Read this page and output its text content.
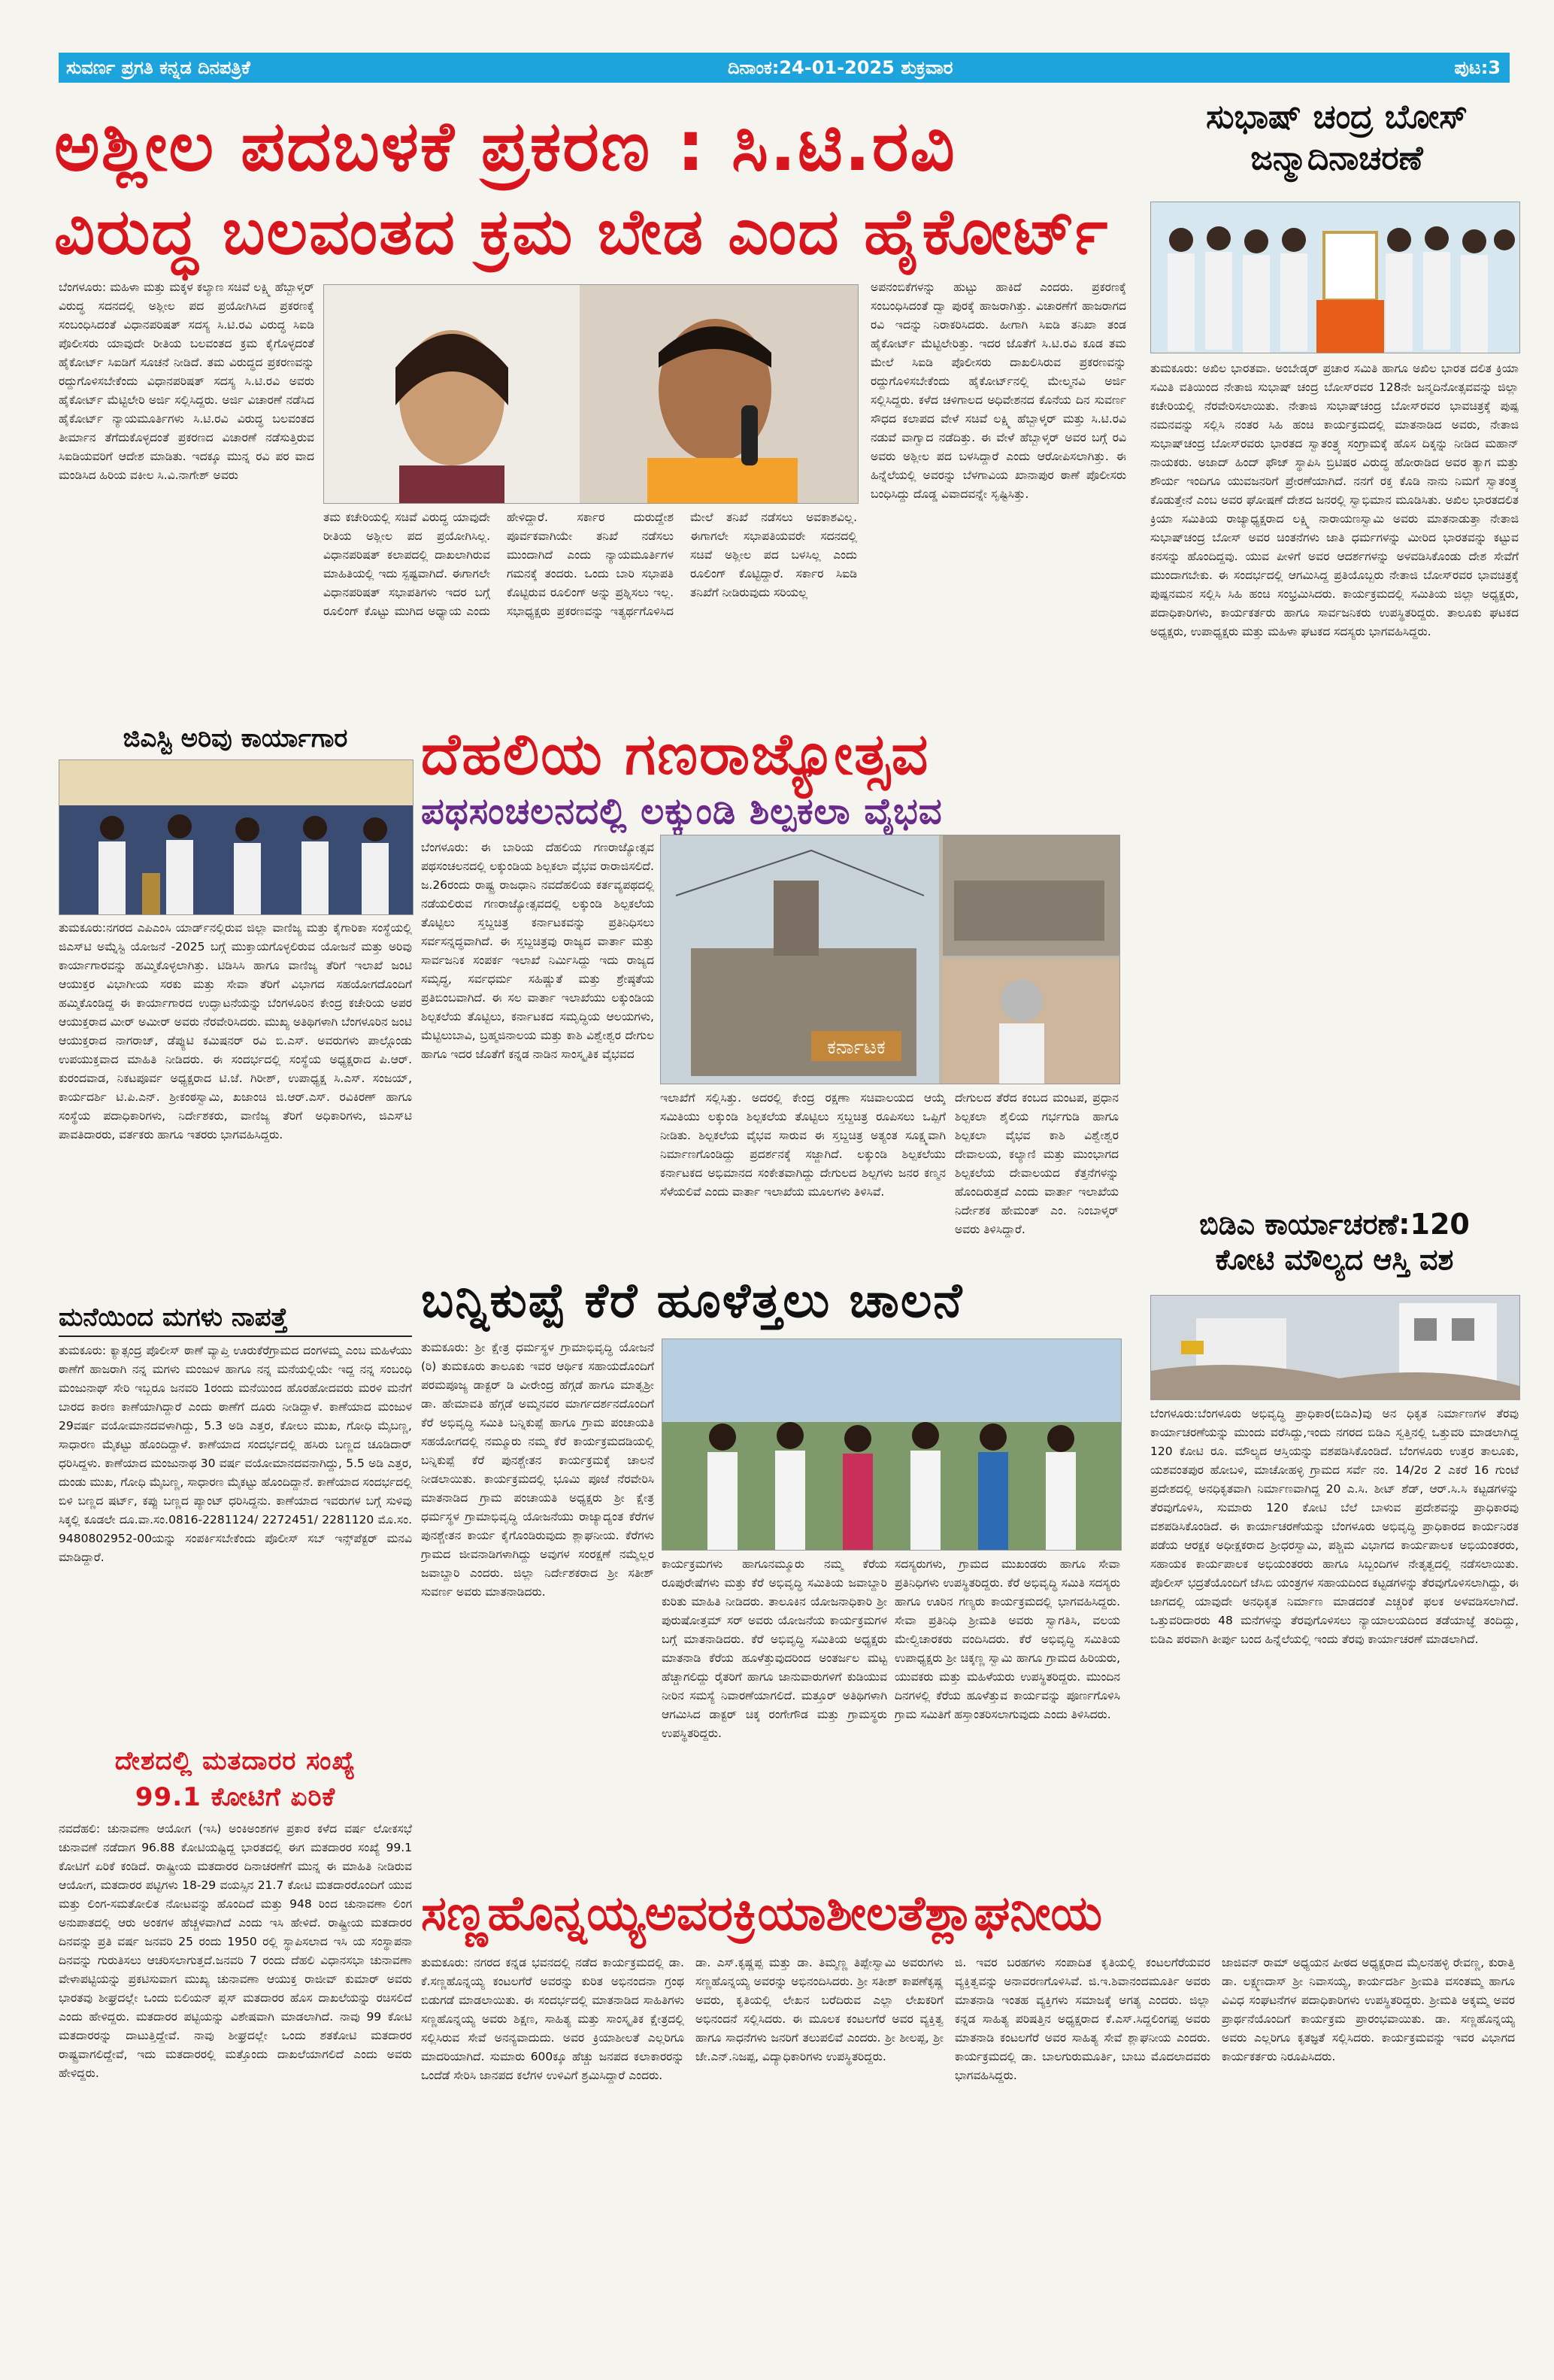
ಸುವರ್ಣ ಪ್ರಗತಿ ಕನ್ನಡ ದಿನಪತ್ರಿಕೆ	ದಿನಾಂಕ:24-01-2025 ಶುಕ್ರವಾರ	ಪುಟ:3
ಅಶ್ಲೀಲ ಪದಬಳಕೆ ಪ್ರಕರಣ : ಸಿ.ಟಿ.ರವಿ
ವಿರುದ್ಧ ಬಲವಂತದ ಕ್ರಮ ಬೇಡ ಎಂದ ಹೈಕೋರ್ಟ್
ಬೆಂಗಳೂರು: ಮಹಿಳಾ ಮತ್ತು ಮಕ್ಕಳ ಕಲ್ಯಾಣ ಸಚಿವೆ ಲಕ್ಷ್ಮಿ ಹೆಬ್ಬಾಳ್ಕರ್ ವಿರುದ್ಧ ಸದನದಲ್ಲಿ ಅಶ್ಲೀಲ ಪದ ಪ್ರಯೋಗಿಸಿದ ಪ್ರಕರಣಕ್ಕೆ ಸಂಬಂಧಿಸಿದಂತೆ ವಿಧಾನಪರಿಷತ್ ಸದಸ್ಯ ಸಿ.ಟಿ.ರವಿ ವಿರುದ್ಧ ಸಿಐಡಿ ಪೊಲೀಸರು ಯಾವುದೇ ರೀತಿಯ ಬಲವಂತದ ಕ್ರಮ ಕೈಗೊಳ್ಳದಂತೆ ಹೈಕೋರ್ಟ್ ಸಿಐಡಿಗೆ ಸೂಚನೆ ನೀಡಿದೆ. ತಮ ವಿರುದ್ಧದ ಪ್ರಕರಣವನ್ನು ರದ್ದುಗೊಳಿಸಬೇಕೆಂದು ವಿಧಾನಪರಿಷತ್ ಸದಸ್ಯ ಸಿ.ಟಿ.ರವಿ ಅವರು ಹೈಕೋರ್ಟ್ ಮೆಟ್ಟಿಲೇರಿ ಅರ್ಜಿ ಸಲ್ಲಿಸಿದ್ದರು. ಅರ್ಜಿ ವಿಚಾರಣೆ ನಡೆಸಿದ ಹೈಕೋರ್ಟ್ ನ್ಯಾಯಮೂರ್ತಿಗಳು ಸಿ.ಟಿ.ರವಿ ವಿರುದ್ಧ ಬಲವಂತದ ತೀರ್ಮಾನ ತೆಗೆದುಕೊಳ್ಳದಂತೆ ಪ್ರಕರಣದ ವಿಚಾರಣೆ ನಡೆಸುತ್ತಿರುವ ಸಿಐಡಿಯವರಿಗೆ ಆದೇಶ ಮಾಡಿತು. ಇದಕ್ಕೂ ಮುನ್ನ ರವಿ ಪರ ವಾದ ಮಂಡಿಸಿದ ಹಿರಿಯ ವಕೀಲ ಸಿ.ವಿ.ನಾಗೇಶ್ ಅವರು
ತಮ ಕಚೇರಿಯಲ್ಲಿ ಸಚಿವೆ ವಿರುದ್ಧ ಯಾವುದೇ ರೀತಿಯ ಅಶ್ಲೀಲ ಪದ ಪ್ರಯೋಗಿಸಿಲ್ಲ. ವಿಧಾನಪರಿಷತ್ ಕಲಾಪದಲ್ಲಿ ದಾಖಲಾಗಿರುವ ಮಾಹಿತಿಯಲ್ಲಿ ಇದು ಸ್ಪಷ್ಟವಾಗಿದೆ. ಈಗಾಗಲೇ ವಿಧಾನಪರಿಷತ್ ಸಭಾಪತಿಗಳು ಇದರ ಬಗ್ಗೆ ರೂಲಿಂಗ್ ಕೊಟ್ಟು ಮುಗಿದ ಅಧ್ಯಾಯ ಎಂದು ಹೇಳಿದ್ದಾರೆ. ಸರ್ಕಾರ ದುರುದ್ದೇಶ ಪೂರ್ವಕವಾಗಿಯೇ ತನಿಖೆ ನಡೆಸಲು ಮುಂದಾಗಿದೆ ಎಂದು ನ್ಯಾಯಮೂರ್ತಿಗಳ ಗಮನಕ್ಕೆ ತಂದರು. ಒಂದು ಬಾರಿ ಸಭಾಪತಿ ಕೊಟ್ಟಿರುವ ರೂಲಿಂಗ್ ಅನ್ನು ಪ್ರಶ್ನಿಸಲು ಇಲ್ಲ. ಸಭಾಧ್ಯಕ್ಷರು ಪ್ರಕರಣವನ್ನು ಇತ್ಯರ್ಥಗೊಳಿಸಿದ ಮೇಲೆ ತನಿಖೆ ನಡೆಸಲು ಅವಕಾಶವಿಲ್ಲ. ಈಗಾಗಲೇ ಸಭಾಪತಿಯವರೇ ಸದನದಲ್ಲಿ ಸಚಿವೆ ಅಶ್ಲೀಲ ಪದ ಬಳಸಿಲ್ಲ ಎಂದು ರೂಲಿಂಗ್ ಕೊಟ್ಟಿದ್ದಾರೆ. ಸರ್ಕಾರ ಸಿಐಡಿ ತನಿಖೆಗೆ ನೀಡಿರುವುದು ಸರಿಯಲ್ಲ
ಅಪನಂಬಿಕೆಗಳನ್ನು ಹುಟ್ಟು ಹಾಕಿದೆ ಎಂದರು. ಪ್ರಕರಣಕ್ಕೆ ಸಂಬಂಧಿಸಿದಂತೆ ದ್ವಾ ಪುರಕ್ಕೆ ಹಾಜರಾಗಿತ್ತು. ವಿಚಾರಣೆಗೆ ಹಾಜರಾಗದ ರವಿ ಇದನ್ನು ನಿರಾಕರಿಸಿದರು. ಹೀಗಾಗಿ ಸಿಐಡಿ ತನಿಖಾ ತಂಡ ಹೈಕೋರ್ಟ್ ಮೆಟ್ಟಿಲೇರಿತ್ತು. ಇದರ ಜೊತೆಗೆ ಸಿ.ಟಿ.ರವಿ ಕೂಡ ತಮ ಮೇಲೆ ಸಿಐಡಿ ಪೊಲೀಸರು ದಾಖಲಿಸಿರುವ ಪ್ರಕರಣವನ್ನು ರದ್ದುಗೊಳಿಸಬೇಕೆಂದು ಹೈಕೋರ್ಟ್‌ನಲ್ಲಿ ಮೇಲ್ಮನವಿ ಅರ್ಜಿ ಸಲ್ಲಿಸಿದ್ದರು. ಕಳೆದ ಚಳಿಗಾಲದ ಅಧಿವೇಶನದ ಕೊನೆಯ ದಿನ ಸುವರ್ಣ ಸೌಧದ ಕಲಾಪದ ವೇಳೆ ಸಚಿವೆ ಲಕ್ಷ್ಮಿ ಹೆಬ್ಬಾಳ್ಕರ್ ಮತ್ತು ಸಿ.ಟಿ.ರವಿ ನಡುವೆ ವಾಗ್ವಾದ ನಡೆದಿತ್ತು. ಈ ವೇಳೆ ಹೆಬ್ಬಾಳ್ಕರ್ ಅವರ ಬಗ್ಗೆ ರವಿ ಅವರು ಅಶ್ಲೀಲ ಪದ ಬಳಸಿದ್ದಾರೆ ಎಂದು ಆರೋಪಿಸಲಾಗಿತ್ತು. ಈ ಹಿನ್ನೆಲೆಯಲ್ಲಿ ಅವರನ್ನು ಬೆಳಗಾವಿಯ ಖಾನಾಪುರ ಠಾಣೆ ಪೊಲೀಸರು ಬಂಧಿಸಿದ್ದು ದೊಡ್ಡ ವಿವಾದವನ್ನೇ ಸೃಷ್ಟಿಸಿತ್ತು.
ಸುಭಾಷ್ ಚಂದ್ರ ಬೋಸ್
ಜನ್ಮಾದಿನಾಚರಣೆ
ತುಮಕೂರು: ಅಖಿಲ ಭಾರತವಾ. ಅಂಬೇಡ್ಕರ್ ಪ್ರಚಾರ ಸಮಿತಿ ಹಾಗೂ ಅಖಿಲ ಭಾರತ ದಲಿತ ಕ್ರಿಯಾ ಸಮಿತಿ ವತಿಯಿಂದ ನೇತಾಜಿ ಸುಭಾಷ್ ಚಂದ್ರ ಬೋಸ್‌ರವರ 128ನೇ ಜನ್ಮದಿನೋತ್ಸವವನ್ನು ಜಿಲ್ಲಾ ಕಚೇರಿಯಲ್ಲಿ ನೆರವೇರಿಸಲಾಯಿತು. ನೇತಾಜಿ ಸುಭಾಷ್‌ಚಂದ್ರ ಬೋಸ್‌ರವರ ಭಾವಚಿತ್ರಕ್ಕೆ ಪುಷ್ಪ ನಮನವನ್ನು ಸಲ್ಲಿಸಿ ನಂತರ ಸಿಹಿ ಹಂಚಿ ಕಾರ್ಯಕ್ರಮದಲ್ಲಿ ಮಾತನಾಡಿದ ಅವರು, ನೇತಾಜಿ ಸುಭಾಷ್‌ಚಂದ್ರ ಬೋಸ್‌ರವರು ಭಾರತದ ಸ್ವಾತಂತ್ರ್ಯ ಸಂಗ್ರಾಮಕ್ಕೆ ಹೊಸ ದಿಕ್ಕನ್ನು ನೀಡಿದ ಮಹಾನ್ ನಾಯಕರು. ಅಜಾದ್ ಹಿಂದ್ ಫೌಜ್ ಸ್ಥಾಪಿಸಿ ಬ್ರಿಟಿಷರ ವಿರುದ್ಧ ಹೋರಾಡಿದ ಅವರ ತ್ಯಾಗ ಮತ್ತು ಶೌರ್ಯ ಇಂದಿಗೂ ಯುವಜನರಿಗೆ ಪ್ರೇರಣೆಯಾಗಿದೆ. ನನಗೆ ರಕ್ತ ಕೊಡಿ ನಾನು ನಿಮಗೆ ಸ್ವಾತಂತ್ರ್ಯ ಕೊಡುತ್ತೇನೆ ಎಂಬ ಅವರ ಘೋಷಣೆ ದೇಶದ ಜನರಲ್ಲಿ ಸ್ವಾಭಿಮಾನ ಮೂಡಿಸಿತು. ಅಖಿಲ ಭಾರತದಲಿತ ಕ್ರಿಯಾ ಸಮಿತಿಯ ರಾಜ್ಯಾಧ್ಯಕ್ಷರಾದ ಲಕ್ಷ್ಮಿ ನಾರಾಯಣಸ್ವಾಮಿ ಅವರು ಮಾತನಾಡುತ್ತಾ ನೇತಾಜಿ ಸುಭಾಷ್‌ಚಂದ್ರ ಬೋಸ್ ಅವರ ಚಿಂತನೆಗಳು ಜಾತಿ ಧರ್ಮಗಳನ್ನು ಮೀರಿದ ಭಾರತವನ್ನು ಕಟ್ಟುವ ಕನಸನ್ನು ಹೊಂದಿದ್ದವು. ಯುವ ಪೀಳಿಗೆ ಅವರ ಆದರ್ಶಗಳನ್ನು ಅಳವಡಿಸಿಕೊಂಡು ದೇಶ ಸೇವೆಗೆ ಮುಂದಾಗಬೇಕು. ಈ ಸಂದರ್ಭದಲ್ಲಿ ಆಗಮಿಸಿದ್ದ ಪ್ರತಿಯೊಬ್ಬರು ನೇತಾಜಿ ಬೋಸ್‌ರವರ ಭಾವಚಿತ್ರಕ್ಕೆ ಪುಷ್ಪನಮನ ಸಲ್ಲಿಸಿ ಸಿಹಿ ಹಂಚಿ ಸಂಭ್ರಮಿಸಿದರು. ಕಾರ್ಯಕ್ರಮದಲ್ಲಿ ಸಮಿತಿಯ ಜಿಲ್ಲಾ ಅಧ್ಯಕ್ಷರು, ಪದಾಧಿಕಾರಿಗಳು, ಕಾರ್ಯಕರ್ತರು ಹಾಗೂ ಸಾರ್ವಜನಿಕರು ಉಪಸ್ಥಿತರಿದ್ದರು. ತಾಲೂಕು ಘಟಕದ ಅಧ್ಯಕ್ಷರು, ಉಪಾಧ್ಯಕ್ಷರು ಮತ್ತು ಮಹಿಳಾ ಘಟಕದ ಸದಸ್ಯರು ಭಾಗವಹಿಸಿದ್ದರು.
ಬಿಡಿಎ ಕಾರ್ಯಾಚರಣೆ:120
ಕೋಟಿ ಮೌಲ್ಯದ ಆಸ್ತಿ ವಶ
ಬೆಂಗಳೂರು:ಬೆಂಗಳೂರು ಅಭಿವೃದ್ಧಿ ಪ್ರಾಧಿಕಾರ(ಬಿಡಿಎ)ವು ಅನ ಧಿಕೃತ ನಿರ್ಮಾಣಗಳ ತೆರವು ಕಾರ್ಯಾಚರಣೆಯನ್ನು ಮುಂದು ವರೆಸಿದ್ದು,ಇಂದು ನಗರದ ಬಿಡಿಎ ಸ್ವತ್ತಿನಲ್ಲಿ ಒತ್ತುವರಿ ಮಾಡಲಾಗಿದ್ದ 120 ಕೋಟಿ ರೂ. ಮೌಲ್ಯದ ಆಸ್ತಿಯನ್ನು ವಶಪಡಿಸಿಕೊಂಡಿದೆ. ಬೆಂಗಳೂರು ಉತ್ತರ ತಾಲೂಕು, ಯಶವಂತಪುರ ಹೋಬಳಿ, ಮಾಚೋಹಳ್ಳಿ ಗ್ರಾಮದ ಸರ್ವೆ ನಂ. 14/2ರ 2 ಎಕರೆ 16 ಗುಂಟೆ ಪ್ರದೇಶದಲ್ಲಿ ಅನಧಿಕೃತವಾಗಿ ನಿರ್ಮಾಣವಾಗಿದ್ದ 20 ಎ.ಸಿ. ಶೀಟ್ ಶೆಡ್, ಆರ್.ಸಿ.ಸಿ ಕಟ್ಟಡಗಳನ್ನು ತೆರವುಗೊಳಿಸಿ, ಸುಮಾರು 120 ಕೋಟಿ ಬೆಲೆ ಬಾಳುವ ಪ್ರದೇಶವನ್ನು ಪ್ರಾಧಿಕಾರವು ವಶಪಡಿಸಿಕೊಂಡಿದೆ. ಈ ಕಾರ್ಯಾಚರಣೆಯನ್ನು ಬೆಂಗಳೂರು ಅಭಿವೃದ್ಧಿ ಪ್ರಾಧಿಕಾರದ ಕಾರ್ಯನಿರತ ಪಡೆಯ ಆರಕ್ಷಕ ಅಧೀಕ್ಷಕರಾದ ಶ್ರೀಧರಸ್ವಾಮಿ, ಪಶ್ಚಿಮ ವಿಭಾಗದ ಕಾರ್ಯಪಾಲಕ ಅಭಿಯಂತರರು, ಸಹಾಯಕ ಕಾರ್ಯಪಾಲಕ ಅಭಿಯಂತರರು ಹಾಗೂ ಸಿಬ್ಬಂದಿಗಳ ನೇತೃತ್ವದಲ್ಲಿ ನಡೆಸಲಾಯಿತು. ಪೊಲೀಸ್ ಭದ್ರತೆಯೊಂದಿಗೆ ಜೆಸಿಬಿ ಯಂತ್ರಗಳ ಸಹಾಯದಿಂದ ಕಟ್ಟಡಗಳನ್ನು ತೆರವುಗೊಳಿಸಲಾಗಿದ್ದು, ಈ ಜಾಗದಲ್ಲಿ ಯಾವುದೇ ಅನಧಿಕೃತ ನಿರ್ಮಾಣ ಮಾಡದಂತೆ ಎಚ್ಚರಿಕೆ ಫಲಕ ಅಳವಡಿಸಲಾಗಿದೆ. ಒತ್ತುವರಿದಾರರು 48 ಮನೆಗಳನ್ನು ತೆರವುಗೊಳಿಸಲು ನ್ಯಾಯಾಲಯದಿಂದ ತಡೆಯಾಜ್ಞೆ ತಂದಿದ್ದು, ಬಿಡಿಎ ಪರವಾಗಿ ತೀರ್ಪು ಬಂದ ಹಿನ್ನೆಲೆಯಲ್ಲಿ ಇಂದು ತೆರವು ಕಾರ್ಯಾಚರಣೆ ಮಾಡಲಾಗಿದೆ.
ಜಿಎಸ್ಟಿ ಅರಿವು ಕಾರ್ಯಾಗಾರ
ತುಮಕೂರು:ನಗರದ ಎಪಿಎಂಸಿ ಯಾರ್ಡ್‌ನಲ್ಲಿರುವ ಜಿಲ್ಲಾ ವಾಣಿಜ್ಯ ಮತ್ತು ಕೈಗಾರಿಕಾ ಸಂಸ್ಥೆಯಲ್ಲಿ ಜಿಎಸ್‌ಟಿ ಅಮ್ನೆಸ್ಟಿ ಯೋಜನೆ -2025 ಬಗ್ಗೆ ಮುಕ್ತಾಯಗೊಳ್ಳಲಿರುವ ಯೋಜನೆ ಮತ್ತು ಅರಿವು ಕಾರ್ಯಾಗಾರವನ್ನು ಹಮ್ಮಿಕೊಳ್ಳಲಾಗಿತ್ತು. ಟಿಡಿಸಿಸಿ ಹಾಗೂ ವಾಣಿಜ್ಯ ತೆರಿಗೆ ಇಲಾಖೆ ಜಂಟಿ ಆಯುಕ್ತರ ವಿಭಾಗೀಯ ಸರಕು ಮತ್ತು ಸೇವಾ ತೆರಿಗೆ ವಿಭಾಗದ ಸಹಯೋಗದೊಂದಿಗೆ ಹಮ್ಮಿಕೊಂಡಿದ್ದ ಈ ಕಾರ್ಯಾಗಾರದ ಉದ್ಘಾಟನೆಯನ್ನು ಬೆಂಗಳೂರಿನ ಕೇಂದ್ರ ಕಚೇರಿಯ ಅಪರ ಆಯುಕ್ತರಾದ ಮೀರ್ ಅಮೀರ್ ಅವರು ನೆರವೇರಿಸಿದರು. ಮುಖ್ಯ ಅತಿಥಿಗಳಾಗಿ ಬೆಂಗಳೂರಿನ ಜಂಟಿ ಆಯುಕ್ತರಾದ ನಾಗರಾಜ್, ಡೆಪ್ಯುಟಿ ಕಮಿಷನರ್ ರವಿ ಬಿ.ಎಸ್. ಅವರುಗಳು ಪಾಲ್ಗೊಂಡು ಉಪಯುಕ್ತವಾದ ಮಾಹಿತಿ ನೀಡಿದರು. ಈ ಸಂದರ್ಭದಲ್ಲಿ ಸಂಸ್ಥೆಯ ಅಧ್ಯಕ್ಷರಾದ ಪಿ.ಆರ್. ಕುರಂದವಾಡ, ನಿಕಟಪೂರ್ವ ಅಧ್ಯಕ್ಷರಾದ ಟಿ.ಜೆ. ಗಿರೀಶ್, ಉಪಾಧ್ಯಕ್ಷ ಸಿ.ಎಸ್. ಸಂಜಯ್, ಕಾರ್ಯದರ್ಶಿ ಟಿ.ಪಿ.ಎನ್. ಶ್ರೀಕಂಠಸ್ವಾಮಿ, ಖಜಾಂಚಿ ಜಿ.ಆರ್.ಎಸ್. ರವಿಕಿರಣ್ ಹಾಗೂ ಸಂಸ್ಥೆಯ ಪದಾಧಿಕಾರಿಗಳು, ನಿರ್ದೇಶಕರು, ವಾಣಿಜ್ಯ ತೆರಿಗೆ ಅಧಿಕಾರಿಗಳು, ಜಿಎಸ್‌ಟಿ ಪಾವತಿದಾರರು, ವರ್ತಕರು ಹಾಗೂ ಇತರರು ಭಾಗವಹಿಸಿದ್ದರು.
ಮನೆಯಿಂದ ಮಗಳು ನಾಪತ್ತೆ
ತುಮಕೂರು: ಕ್ಯಾತ್ಸಂದ್ರ ಪೊಲೀಸ್ ಠಾಣೆ ವ್ಯಾಪ್ತಿ ಊರುಕೆರೆಗ್ರಾಮದ ದಂಗಳಮ್ಮ ಎಂಬ ಮಹಿಳೆಯು ಠಾಣೆಗೆ ಹಾಜರಾಗಿ ನನ್ನ ಮಗಳು ಮಂಜುಳ ಹಾಗೂ ನನ್ನ ಮನೆಯಲ್ಲಿಯೇ ಇದ್ದ ನನ್ನ ಸಂಬಂಧಿ ಮಂಜುನಾಥ್ ಸೇರಿ ಇಬ್ಬರೂ ಜನವರಿ 1ರಂದು ಮನೆಯಿಂದ ಹೊರಹೋದವರು ಮರಳಿ ಮನೆಗೆ ಬಾರದ ಕಾರಣ ಕಾಣೆಯಾಗಿದ್ದಾರೆ ಎಂದು ಠಾಣೆಗೆ ದೂರು ನೀಡಿದ್ದಾಳೆ. ಕಾಣೆಯಾದ ಮಂಜುಳ 29ವರ್ಷ ವಯೋಮಾನದವಳಾಗಿದ್ದು, 5.3 ಅಡಿ ಎತ್ತರ, ಕೋಲು ಮುಖ, ಗೋಧಿ ಮೈಬಣ್ಣ, ಸಾಧಾರಣ ಮೈಕಟ್ಟು ಹೊಂದಿದ್ದಾಳೆ. ಕಾಣೆಯಾದ ಸಂದರ್ಭದಲ್ಲಿ ಹಸಿರು ಬಣ್ಣದ ಚೂಡಿದಾರ್ ಧರಿಸಿದ್ದಳು. ಕಾಣೆಯಾದ ಮಂಜುನಾಥ 30 ವರ್ಷ ವಯೋಮಾನದವನಾಗಿದ್ದು, 5.5 ಅಡಿ ಎತ್ತರ, ದುಂಡು ಮುಖ, ಗೋಧಿ ಮೈಬಣ್ಣ, ಸಾಧಾರಣ ಮೈಕಟ್ಟು ಹೊಂದಿದ್ದಾನೆ. ಕಾಣೆಯಾದ ಸಂದರ್ಭದಲ್ಲಿ ಬಿಳಿ ಬಣ್ಣದ ಷರ್ಟ್, ಕಪ್ಪು ಬಣ್ಣದ ಪ್ಯಾಂಟ್ ಧರಿಸಿದ್ದನು. ಕಾಣೆಯಾದ ಇವರುಗಳ ಬಗ್ಗೆ ಸುಳಿವು ಸಿಕ್ಕಲ್ಲಿ ಕೂಡಲೇ ದೂ.ವಾ.ಸಂ.0816-2281124/ 2272451/ 2281120 ಮೊ.ಸಂ. 9480802952-00ಯನ್ನು ಸಂಪರ್ಕಿಸಬೇಕೆಂದು ಪೊಲೀಸ್ ಸಬ್ ಇನ್ಸ್‌ಪೆಕ್ಟರ್ ಮನವಿ ಮಾಡಿದ್ದಾರೆ.
ದೇಶದಲ್ಲಿ ಮತದಾರರ ಸಂಖ್ಯೆ
99.1 ಕೋಟಿಗೆ ಏರಿಕೆ
ನವದೆಹಲಿ: ಚುನಾವಣಾ ಆಯೋಗ (ಇಸಿ) ಅಂಕಿಅಂಶಗಳ ಪ್ರಕಾರ ಕಳೆದ ವರ್ಷ ಲೋಕಸಭೆ ಚುನಾವಣೆ ನಡೆದಾಗ 96.88 ಕೋಟಿಯಷ್ಟಿದ್ದ ಭಾರತದಲ್ಲಿ ಈಗ ಮತದಾರರ ಸಂಖ್ಯೆ 99.1 ಕೋಟಿಗೆ ಏರಿಕೆ ಕಂಡಿದೆ. ರಾಷ್ಟ್ರೀಯ ಮತದಾರರ ದಿನಾಚರಣೆಗೆ ಮುನ್ನ ಈ ಮಾಹಿತಿ ನೀಡಿರುವ ಆಯೋಗ, ಮತದಾರರ ಪಟ್ಟಿಗಳು 18-29 ವಯಸ್ಸಿನ 21.7 ಕೋಟಿ ಮತದಾರರೊಂದಿಗೆ ಯುವ ಮತ್ತು ಲಿಂಗ-ಸಮತೋಲಿತ ನೋಟವನ್ನು ಹೊಂದಿದೆ ಮತ್ತು 948 ರಿಂದ ಚುನಾವಣಾ ಲಿಂಗ ಅನುಪಾತದಲ್ಲಿ ಆರು ಅಂಕಗಳ ಹೆಚ್ಚಳವಾಗಿದೆ ಎಂದು ಇಸಿ ಹೇಳಿದೆ. ರಾಷ್ಟ್ರೀಯ ಮತದಾರರ ದಿನವನ್ನು ಪ್ರತಿ ವರ್ಷ ಜನವರಿ 25 ರಂದು 1950 ರಲ್ಲಿ ಸ್ಥಾಪಿಸಲಾದ ಇಸಿ ಯ ಸಂಸ್ಥಾಪನಾ ದಿನವನ್ನು ಗುರುತಿಸಲು ಆಚರಿಸಲಾಗುತ್ತದೆ.ಜನವರಿ 7 ರಂದು ದೆಹಲಿ ವಿಧಾನಸಭಾ ಚುನಾವಣಾ ವೇಳಾಪಟ್ಟಿಯನ್ನು ಪ್ರಕಟಿಸುವಾಗ ಮುಖ್ಯ ಚುನಾವಣಾ ಆಯುಕ್ತ ರಾಜೀವ್ ಕುಮಾರ್ ಅವರು ಭಾರತವು ಶೀಘ್ರದಲ್ಲೇ ಒಂದು ಬಿಲಿಯನ್ ಪ್ಲಸ್ ಮತದಾರರ ಹೊಸ ದಾಖಲೆಯನ್ನು ರಚಿಸಲಿದೆ ಎಂದು ಹೇಳಿದ್ದರು. ಮತದಾರರ ಪಟ್ಟಿಯನ್ನು ವಿಶೇಷವಾಗಿ ಮಾಡಲಾಗಿದೆ. ನಾವು 99 ಕೋಟಿ ಮತದಾರರನ್ನು ದಾಟುತ್ತಿದ್ದೇವೆ. ನಾವು ಶೀಘ್ರದಲ್ಲೇ ಒಂದು ಶತಕೋಟಿ ಮತದಾರರ ರಾಷ್ಟ್ರವಾಗಲಿದ್ದೇವೆ, ಇದು ಮತದಾರರಲ್ಲಿ ಮತ್ತೊಂದು ದಾಖಲೆಯಾಗಲಿದೆ ಎಂದು ಅವರು ಹೇಳಿದ್ದರು.
ದೆಹಲಿಯ ಗಣರಾಜ್ಯೋತ್ಸವ
ಪಥಸಂಚಲನದಲ್ಲಿ ಲಕ್ಕುಂಡಿ ಶಿಲ್ಪಕಲಾ ವೈಭವ
ಬೆಂಗಳೂರು: ಈ ಬಾರಿಯ ದೆಹಲಿಯ ಗಣರಾಜ್ಯೋತ್ಸವ ಪಥಸಂಚಲನದಲ್ಲಿ ಲಕ್ಕುಂಡಿಯ ಶಿಲ್ಪಕಲಾ ವೈಭವ ರಾರಾಜಿಸಲಿದೆ. ಜ.26ರಂದು ರಾಷ್ಟ್ರ ರಾಜಧಾನಿ ನವದೆಹಲಿಯ ಕರ್ತವ್ಯಪಥದಲ್ಲಿ ನಡೆಯಲಿರುವ ಗಣರಾಜ್ಯೋತ್ಸವದಲ್ಲಿ ಲಕ್ಕುಂಡಿ ಶಿಲ್ಪಕಲೆಯ ತೊಟ್ಟಿಲು ಸ್ತಬ್ದಚಿತ್ರ ಕರ್ನಾಟಕವನ್ನು ಪ್ರತಿನಿಧಿಸಲು ಸರ್ವಸನ್ನದ್ಧವಾಗಿದೆ. ಈ ಸ್ತಬ್ದಚಿತ್ರವು ರಾಜ್ಯದ ವಾರ್ತಾ ಮತ್ತು ಸಾರ್ವಜನಿಕ ಸಂಪರ್ಕ ಇಲಾಖೆ ನಿರ್ಮಿಸಿದ್ದು ಇದು ರಾಜ್ಯದ ಸಮೃದ್ಧ, ಸರ್ವಧರ್ಮ ಸಹಿಷ್ಣುತೆ ಮತ್ತು ಶ್ರೇಷ್ಠತೆಯ ಪ್ರತಿಬಿಂಬವಾಗಿದೆ. ಈ ಸಲ ವಾರ್ತಾ ಇಲಾಖೆಯು ಲಕ್ಕುಂಡಿಯ ಶಿಲ್ಪಕಲೆಯ ತೊಟ್ಟಿಲು, ಕರ್ನಾಟಕದ ಸಮೃದ್ಧಿಯ ಆಲಯಗಳು, ಮೆಟ್ಟಿಲುಬಾವಿ, ಬ್ರಹ್ಮಜಿನಾಲಯ ಮತ್ತು ಕಾಶಿ ವಿಶ್ವೇಶ್ವರ ದೇಗುಲ ಹಾಗೂ ಇದರ ಜೊತೆಗೆ ಕನ್ನಡ ನಾಡಿನ ಸಾಂಸ್ಕೃತಿಕ ವೈಭವದ	ಕರ್ನಾಟಕ
ಇಲಾಖೆಗೆ ಸಲ್ಲಿಸಿತ್ತು. ಅದರಲ್ಲಿ ಕೇಂದ್ರ ರಕ್ಷಣಾ ಸಚಿವಾಲಯದ ಆಯ್ಕೆ ಸಮಿತಿಯು ಲಕ್ಕುಂಡಿ ಶಿಲ್ಪಕಲೆಯ ತೊಟ್ಟಿಲು ಸ್ತಬ್ದಚಿತ್ರ ರೂಪಿಸಲು ಒಪ್ಪಿಗೆ ನೀಡಿತು. ಶಿಲ್ಪಕಲೆಯ ವೈಭವ ಸಾರುವ ಈ ಸ್ತಬ್ದಚಿತ್ರ ಅತ್ಯಂತ ಸೂಕ್ಷ್ಮವಾಗಿ ನಿರ್ಮಾಣಗೊಂಡಿದ್ದು ಪ್ರದರ್ಶನಕ್ಕೆ ಸಜ್ಜಾಗಿದೆ. ಲಕ್ಕುಂಡಿ ಶಿಲ್ಪಕಲೆಯು ಕರ್ನಾಟಕದ ಅಭಿಮಾನದ ಸಂಕೇತವಾಗಿದ್ದು ದೇಗುಲದ ಶಿಲ್ಪಗಳು ಜನರ ಕಣ್ಮನ ಸೆಳೆಯಲಿವೆ ಎಂದು ವಾರ್ತಾ ಇಲಾಖೆಯ ಮೂಲಗಳು ತಿಳಿಸಿವೆ.
ದೇಗುಲದ ತೆರೆದ ಕಂಬದ ಮಂಟಪ, ಪ್ರಧಾನ ಶಿಲ್ಪಕಲಾ ಶೈಲಿಯ ಗರ್ಭಗುಡಿ ಹಾಗೂ ಶಿಲ್ಪಕಲಾ ವೈಭವ ಕಾಶಿ ವಿಶ್ವೇಶ್ವರ ದೇವಾಲಯ, ಕಲ್ಯಾಣಿ ಮತ್ತು ಮುಂಭಾಗದ ಶಿಲ್ಪಕಲೆಯ ದೇವಾಲಯದ ಕೆತ್ತನೆಗಳನ್ನು ಹೊಂದಿರುತ್ತದೆ ಎಂದು ವಾರ್ತಾ ಇಲಾಖೆಯ ನಿರ್ದೇಶಕ ಹೇಮಂತ್ ಎಂ. ನಿಂಬಾಳ್ಕರ್ ಅವರು ತಿಳಿಸಿದ್ದಾರೆ.
ಬನ್ನಿಕುಪ್ಪೆ ಕೆರೆ ಹೂಳೆತ್ತಲು ಚಾಲನೆ
ತುಮಕೂರು: ಶ್ರೀ ಕ್ಷೇತ್ರ ಧರ್ಮಸ್ಥಳ ಗ್ರಾಮಾಭಿವೃದ್ಧಿ ಯೋಜನೆ (ರಿ) ತುಮಕೂರು ತಾಲೂಕು ಇವರ ಆರ್ಥಿಕ ಸಹಾಯದೊಂದಿಗೆ ಪರಮಪೂಜ್ಯ ಡಾಕ್ಟರ್ ಡಿ ವೀರೇಂದ್ರ ಹೆಗ್ಗಡೆ ಹಾಗೂ ಮಾತೃಶ್ರೀ ಡಾ. ಹೇಮಾವತಿ ಹೆಗ್ಗಡೆ ಅಮ್ಮನವರ ಮಾರ್ಗದರ್ಶನದೊಂದಿಗೆ ಕೆರೆ ಅಭಿವೃದ್ಧಿ ಸಮಿತಿ ಬನ್ನಿಕುಪ್ಪೆ ಹಾಗೂ ಗ್ರಾಮ ಪಂಚಾಯತಿ ಸಹಯೋಗದಲ್ಲಿ ನಮ್ಮೂರು ನಮ್ಮ ಕೆರೆ ಕಾರ್ಯಕ್ರಮದಡಿಯಲ್ಲಿ ಬನ್ನಿಕುಪ್ಪೆ ಕೆರೆ ಪುನಶ್ಚೇತನ ಕಾರ್ಯಕ್ರಮಕ್ಕೆ ಚಾಲನೆ ನೀಡಲಾಯಿತು. ಕಾರ್ಯಕ್ರಮದಲ್ಲಿ ಭೂಮಿ ಪೂಜೆ ನೆರವೇರಿಸಿ ಮಾತನಾಡಿದ ಗ್ರಾಮ ಪಂಚಾಯತಿ ಅಧ್ಯಕ್ಷರು ಶ್ರೀ ಕ್ಷೇತ್ರ ಧರ್ಮಸ್ಥಳ ಗ್ರಾಮಾಭಿವೃದ್ಧಿ ಯೋಜನೆಯು ರಾಜ್ಯಾದ್ಯಂತ ಕೆರೆಗಳ ಪುನಶ್ಚೇತನ ಕಾರ್ಯ ಕೈಗೊಂಡಿರುವುದು ಶ್ಲಾಘನೀಯ. ಕೆರೆಗಳು ಗ್ರಾಮದ ಜೀವನಾಡಿಗಳಾಗಿದ್ದು ಅವುಗಳ ಸಂರಕ್ಷಣೆ ನಮ್ಮೆಲ್ಲರ ಜವಾಬ್ದಾರಿ ಎಂದರು. ಜಿಲ್ಲಾ ನಿರ್ದೇಶಕರಾದ ಶ್ರೀ ಸತೀಶ್ ಸುವರ್ಣ ಅವರು ಮಾತನಾಡಿದರು.
ಕಾರ್ಯಕ್ರಮಗಳು ಹಾಗೂನಮ್ಮೂರು ನಮ್ಮ ಕೆರೆಯ ರೂಪುರೇಷೆಗಳು ಮತ್ತು ಕೆರೆ ಅಭಿವೃದ್ಧಿ ಸಮಿತಿಯ ಜವಾಬ್ದಾರಿ ಕುರಿತು ಮಾಹಿತಿ ನೀಡಿದರು. ತಾಲೂಕಿನ ಯೋಜನಾಧಿಕಾರಿ ಶ್ರೀ ಪುರುಷೋತ್ತಮ್ ಸರ್ ಅವರು ಯೋಜನೆಯ ಕಾರ್ಯಕ್ರಮಗಳ ಬಗ್ಗೆ ಮಾತನಾಡಿದರು. ಕೆರೆ ಅಭಿವೃದ್ಧಿ ಸಮಿತಿಯ ಅಧ್ಯಕ್ಷರು ಮಾತನಾಡಿ ಕೆರೆಯ ಹೂಳೆತ್ತುವುದರಿಂದ ಅಂತರ್ಜಲ ಮಟ್ಟ ಹೆಚ್ಚಾಗಲಿದ್ದು ರೈತರಿಗೆ ಹಾಗೂ ಜಾನುವಾರುಗಳಿಗೆ ಕುಡಿಯುವ ನೀರಿನ ಸಮಸ್ಯೆ ನಿವಾರಣೆಯಾಗಲಿದೆ. ಮತ್ತೂರ್ ಅತಿಥಿಗಳಾಗಿ ಆಗಮಿಸಿದ ಡಾಕ್ಟರ್ ಚಿಕ್ಕ ರಂಗೇಗೌಡ ಮತ್ತು ಗ್ರಾಮಸ್ಥರು ಉಪಸ್ಥಿತರಿದ್ದರು.
ಸದಸ್ಯರುಗಳು, ಗ್ರಾಮದ ಮುಖಂಡರು ಹಾಗೂ ಸೇವಾ ಪ್ರತಿನಿಧಿಗಳು ಉಪಸ್ಥಿತರಿದ್ದರು. ಕೆರೆ ಅಭಿವೃದ್ಧಿ ಸಮಿತಿ ಸದಸ್ಯರು ಹಾಗೂ ಊರಿನ ಗಣ್ಯರು ಕಾರ್ಯಕ್ರಮದಲ್ಲಿ ಭಾಗವಹಿಸಿದ್ದರು. ಸೇವಾ ಪ್ರತಿನಿಧಿ ಶ್ರೀಮತಿ ಅವರು ಸ್ವಾಗತಿಸಿ, ವಲಯ ಮೇಲ್ವಿಚಾರಕರು ವಂದಿಸಿದರು. ಕೆರೆ ಅಭಿವೃದ್ಧಿ ಸಮಿತಿಯ ಉಪಾಧ್ಯಕ್ಷರು ಶ್ರೀ ಚಿಕ್ಕಣ್ಣ ಸ್ವಾಮಿ ಹಾಗೂ ಗ್ರಾಮದ ಹಿರಿಯರು, ಯುವಕರು ಮತ್ತು ಮಹಿಳೆಯರು ಉಪಸ್ಥಿತರಿದ್ದರು. ಮುಂದಿನ ದಿನಗಳಲ್ಲಿ ಕೆರೆಯ ಹೂಳೆತ್ತುವ ಕಾರ್ಯವನ್ನು ಪೂರ್ಣಗೊಳಿಸಿ ಗ್ರಾಮ ಸಮಿತಿಗೆ ಹಸ್ತಾಂತರಿಸಲಾಗುವುದು ಎಂದು ತಿಳಿಸಿದರು.
ಸಣ್ಣಹೊನ್ನಯ್ಯಅವರಕ್ರಿಯಾಶೀಲತೆಶ್ಲಾಘನೀಯ
ತುಮಕೂರು: ನಗರದ ಕನ್ನಡ ಭವನದಲ್ಲಿ ನಡೆದ ಕಾರ್ಯಕ್ರಮದಲ್ಲಿ ಡಾ. ಕೆ.ಸಣ್ಣಹೊನ್ನಯ್ಯ ಕಂಟಲಗೆರೆ ಅವರನ್ನು ಕುರಿತ ಅಭಿನಂದನಾ ಗ್ರಂಥ ಬಿಡುಗಡೆ ಮಾಡಲಾಯಿತು. ಈ ಸಂದರ್ಭದಲ್ಲಿ ಮಾತನಾಡಿದ ಸಾಹಿತಿಗಳು ಸಣ್ಣಹೊನ್ನಯ್ಯ ಅವರು ಶಿಕ್ಷಣ, ಸಾಹಿತ್ಯ ಮತ್ತು ಸಾಂಸ್ಕೃತಿಕ ಕ್ಷೇತ್ರದಲ್ಲಿ ಸಲ್ಲಿಸಿರುವ ಸೇವೆ ಅನನ್ಯವಾದುದು. ಅವರ ಕ್ರಿಯಾಶೀಲತೆ ಎಲ್ಲರಿಗೂ ಮಾದರಿಯಾಗಿದೆ. ಸುಮಾರು 600ಕ್ಕೂ ಹೆಚ್ಚು ಜನಪದ ಕಲಾಕಾರರನ್ನು ಒಂದೆಡೆ ಸೇರಿಸಿ ಜಾನಪದ ಕಲೆಗಳ ಉಳಿವಿಗೆ ಶ್ರಮಿಸಿದ್ದಾರೆ ಎಂದರು.
ಡಾ. ಎಸ್.ಕೃಷ್ಣಪ್ಪ ಮತ್ತು ಡಾ. ತಿಮ್ಮಣ್ಣ ತಿಪ್ಪೇಸ್ವಾಮಿ ಅವರುಗಳು ಸಣ್ಣಹೊನ್ನಯ್ಯ ಅವರನ್ನು ಅಭಿನಂದಿಸಿದರು. ಶ್ರೀ ಸತೀಶ್ ಕಾಪಣೆಕೃಷ್ಣ ಅವರು, ಕೃತಿಯಲ್ಲಿ ಲೇಖನ ಬರೆದಿರುವ ಎಲ್ಲಾ ಲೇಖಕರಿಗೆ ಅಭಿನಂದನೆ ಸಲ್ಲಿಸಿದರು. ಈ ಮೂಲಕ ಕಂಟಲಗೆರೆ ಅವರ ವ್ಯಕ್ತಿತ್ವ ಹಾಗೂ ಸಾಧನೆಗಳು ಜನರಿಗೆ ತಲುಪಲಿವೆ ಎಂದರು. ಶ್ರೀ ಶೀಲಪ್ಪ, ಶ್ರೀ ಜೇ.ಎನ್.ನಿಜಪ್ಪ, ವಿದ್ಯಾಧಿಕಾರಿಗಳು ಉಪಸ್ಥಿತರಿದ್ದರು.
ಜಿ. ಇವರ ಬರಹಗಳು ಸಂಪಾದಿತ ಕೃತಿಯಲ್ಲಿ ಕಂಟಲಗೆರೆಯವರ ವ್ಯಕ್ತಿತ್ವವನ್ನು ಅನಾವರಣಗೊಳಿಸಿವೆ. ಜಿ.ಇ.ಶಿವಾನಂದಮೂರ್ತಿ ಅವರು ಮಾತನಾಡಿ ಇಂತಹ ವ್ಯಕ್ತಿಗಳು ಸಮಾಜಕ್ಕೆ ಅಗತ್ಯ ಎಂದರು. ಜಿಲ್ಲಾ ಕನ್ನಡ ಸಾಹಿತ್ಯ ಪರಿಷತ್ತಿನ ಅಧ್ಯಕ್ಷರಾದ ಕೆ.ಎಸ್.ಸಿದ್ದಲಿಂಗಪ್ಪ ಅವರು ಮಾತನಾಡಿ ಕಂಟಲಗೆರೆ ಅವರ ಸಾಹಿತ್ಯ ಸೇವೆ ಶ್ಲಾಘನೀಯ ಎಂದರು. ಕಾರ್ಯಕ್ರಮದಲ್ಲಿ ಡಾ. ಬಾಲಗುರುಮೂರ್ತಿ, ಬಾಬು ಮೊದಲಾದವರು ಭಾಗವಹಿಸಿದ್ದರು.
ಜಾಜಿವನ್ ರಾಮ್ ಅಧ್ಯಯನ ಪೀಠದ ಅಧ್ಯಕ್ಷರಾದ ಮೈಲನಹಳ್ಳಿ ರೇವಣ್ಣ, ಕುರಾತ್ತಿ ಡಾ. ಲಕ್ಷ್ಮಣದಾಸ್ ಶ್ರೀ ನಿವಾಸಯ್ಯ, ಕಾರ್ಯದರ್ಶಿ ಶ್ರೀಮತಿ ವಸಂತಮ್ಮ ಹಾಗೂ ವಿವಿಧ ಸಂಘಟನೆಗಳ ಪದಾಧಿಕಾರಿಗಳು ಉಪಸ್ಥಿತರಿದ್ದರು. ಶ್ರೀಮತಿ ಅಕ್ಕಮ್ಮ ಅವರ ಪ್ರಾರ್ಥನೆಯೊಂದಿಗೆ ಕಾರ್ಯಕ್ರಮ ಪ್ರಾರಂಭವಾಯಿತು. ಡಾ. ಸಣ್ಣಹೊನ್ನಯ್ಯ ಅವರು ಎಲ್ಲರಿಗೂ ಕೃತಜ್ಞತೆ ಸಲ್ಲಿಸಿದರು. ಕಾರ್ಯಕ್ರಮವನ್ನು ಇವರ ವಿಭಾಗದ ಕಾರ್ಯಕರ್ತರು ನಿರೂಪಿಸಿದರು.
